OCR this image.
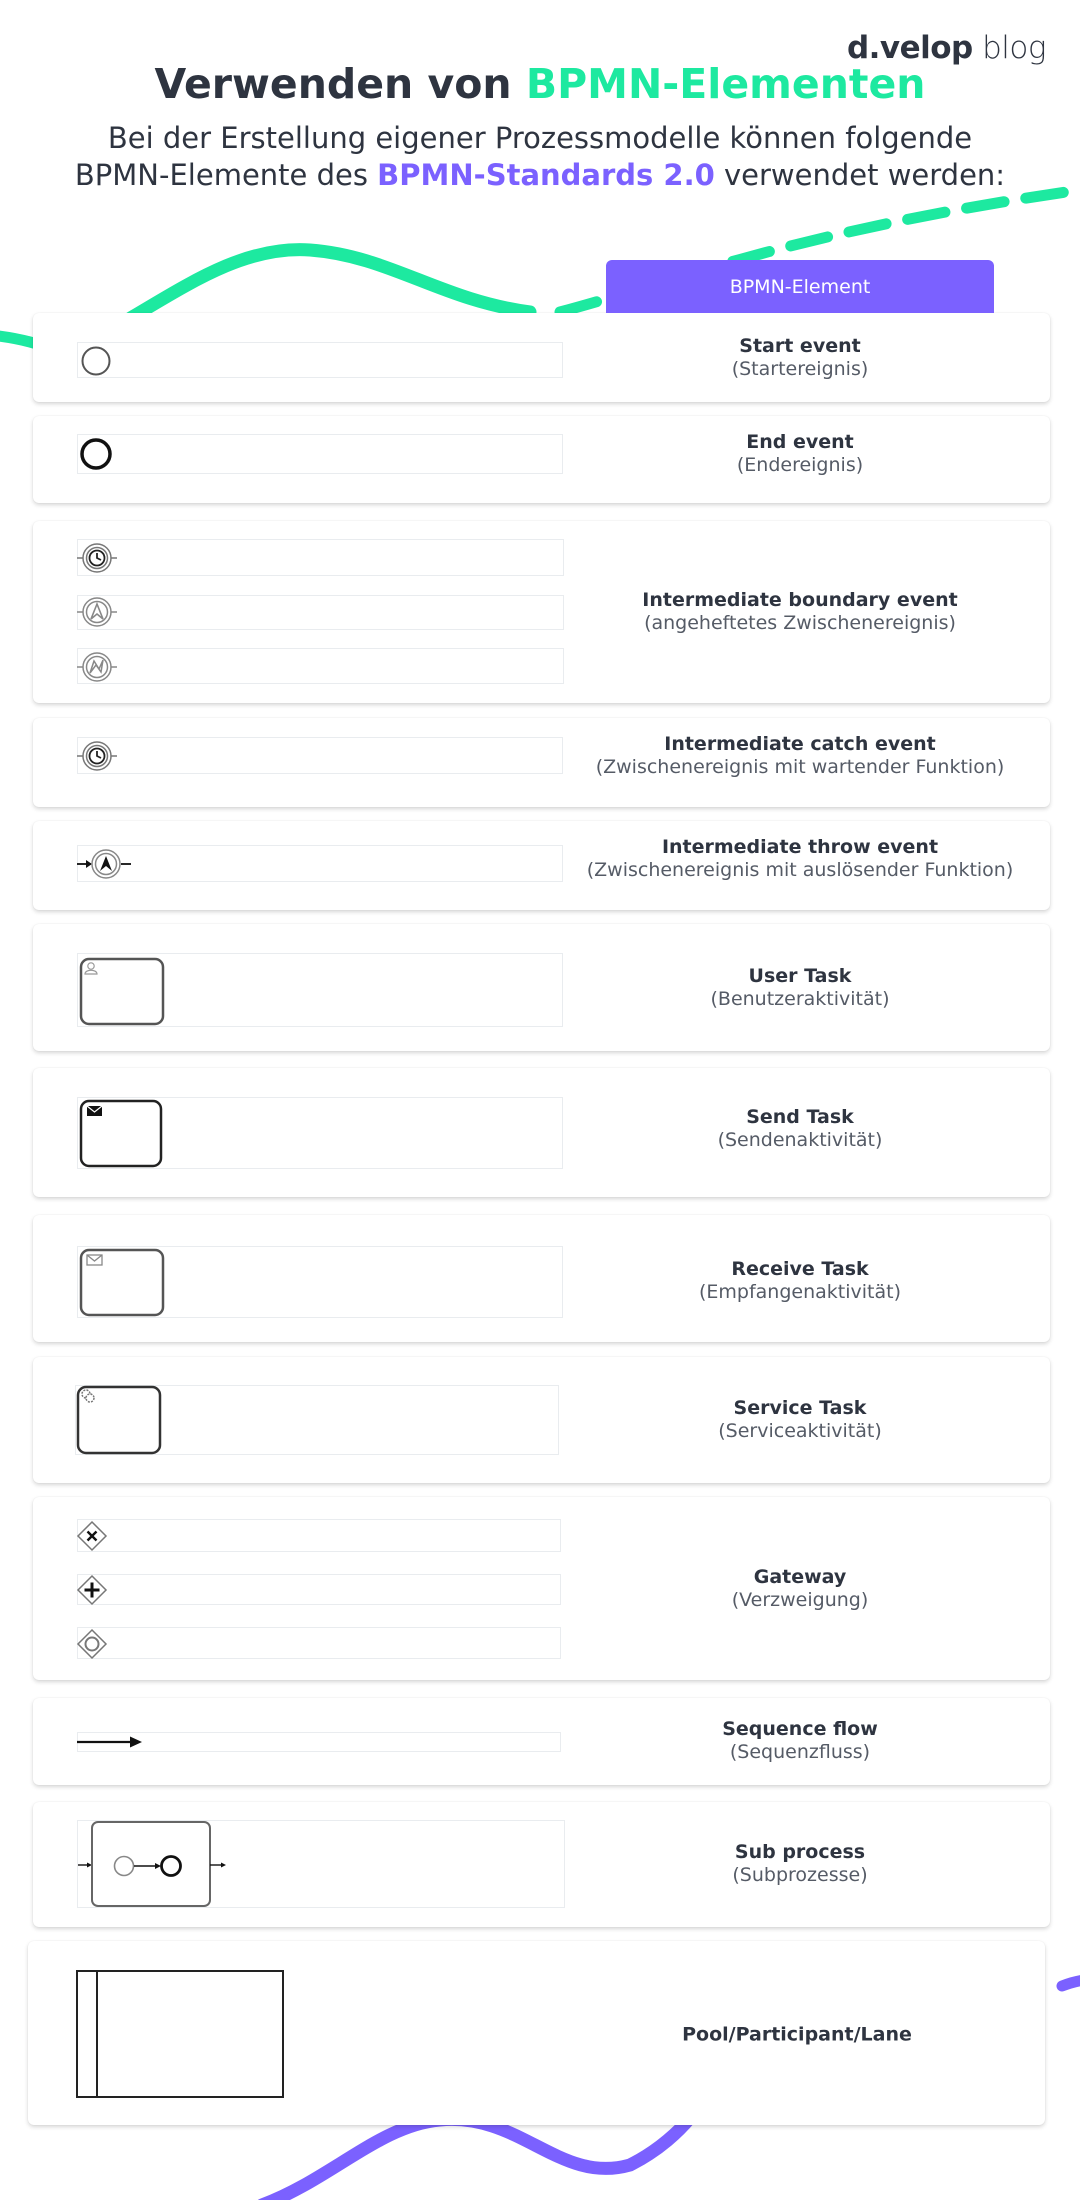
d.velop blog
Verwenden von BPMN-Elementen
Bei der Erstellung eigener Prozessmodelle können folgende
BPMN-Elemente des BPMN-Standards 2.0 verwendet werden:
BPMN-Element
Start event
(Startereignis)
End event
(Endereignis)
Intermediate boundary event
(angeheftetes Zwischenereignis)
Intermediate catch event
(Zwischenereignis mit wartender Funktion)
Intermediate throw event
(Zwischenereignis mit auslösender Funktion)
User Task
(Benutzeraktivität)
Send Task
(Sendenaktivität)
Receive Task
(Empfangenaktivität)
Service Task
(Serviceaktivität)
Gateway
(Verzweigung)
Sequence flow
(Sequenzfluss)
Sub process
(Subprozesse)
Pool/Participant/Lane
